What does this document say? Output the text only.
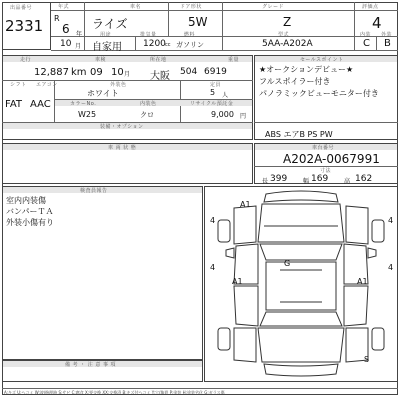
出品番号
2331
年式
R
6 年
車名
ライズ
ドア形状
5W
グレード
Z
評価点
4
10 月
用途
自家用
排気量
1200 cc
燃料
ガソリン
型式
5AA-A202A
内装
C
外装
B
走行	車検	所在地	重量
12,887 km 09 10 月 大阪 504 6919
シフト エアコン
FAT AAC
外装色
ホワイト
定員
5 人
カラーNo.	内装色	リサイクル預託金
W25	クロ	9,000 円
装備・オプション
セールスポイント
★オークションデビュー★
フルスポイラー付き
パノラミックビューモニター付き
ABS エアB PS PW
車 両 状 態	車台番号
A202A-0067991
寸法
長 399	幅 169	高 162
検査員報告
室内内装傷
バンパーＴＡ
外装小傷有り
備 考 ・ 注 意 事 項
A1
4	4
G
A1	A1
4	4
S
A:キズ U:ヘコミ W:波/修理跡 S:サビ C:腐食 X:要交換 XX:交換済 B:キズ付ヘコミ Y:穴/亀裂 P:塗装 H:塗装劣化 G:ガラス傷
